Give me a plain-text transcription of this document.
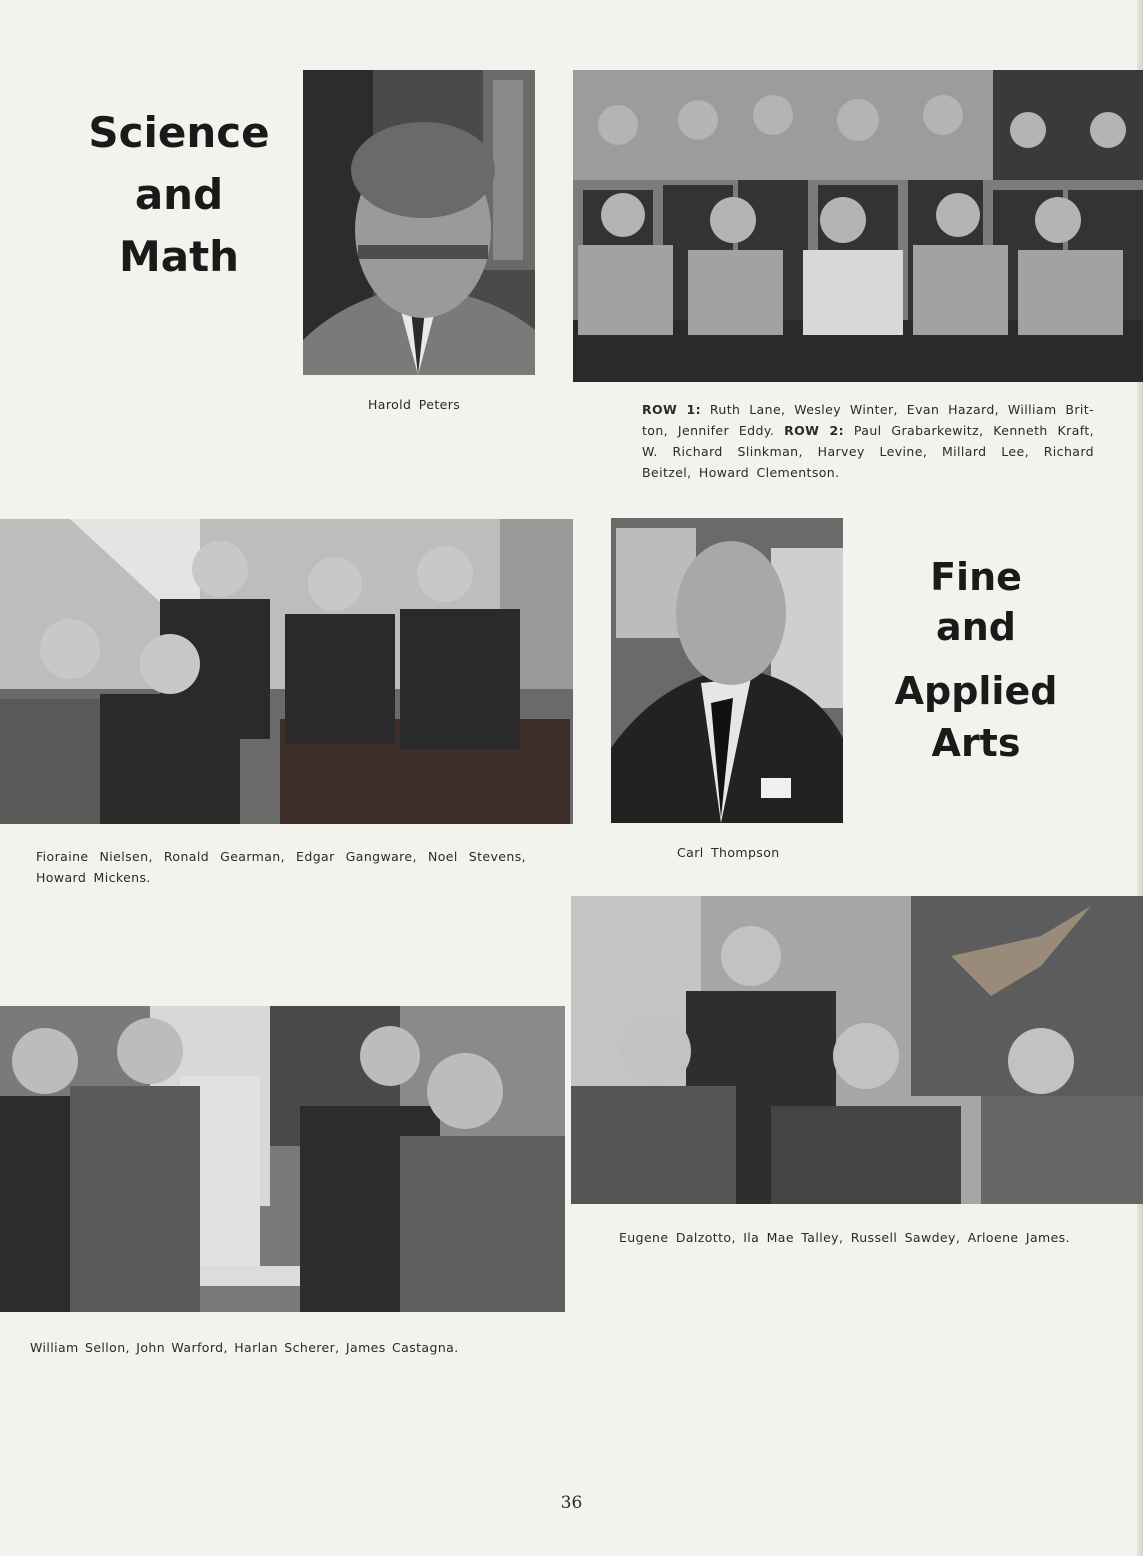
Science
and
Math
Harold Peters	ROW 1: Ruth Lane, Wesley Winter, Evan Hazard, William Brit-ton, Jennifer Eddy. ROW 2: Paul Grabarkewitz, Kenneth Kraft, W. Richard Slinkman, Harvey Levine, Millard Lee, Richard Beitzel, Howard Clementson.
Fioraine Nielsen, Ronald Gearman, Edgar Gangware, Noel Stevens, Howard Mickens.
Carl Thompson
Fine
and
Applied
Arts
Eugene Dalzotto, Ila Mae Talley, Russell Sawdey, Arloene James.
William Sellon, John Warford, Harlan Scherer, James Castagna.
36
